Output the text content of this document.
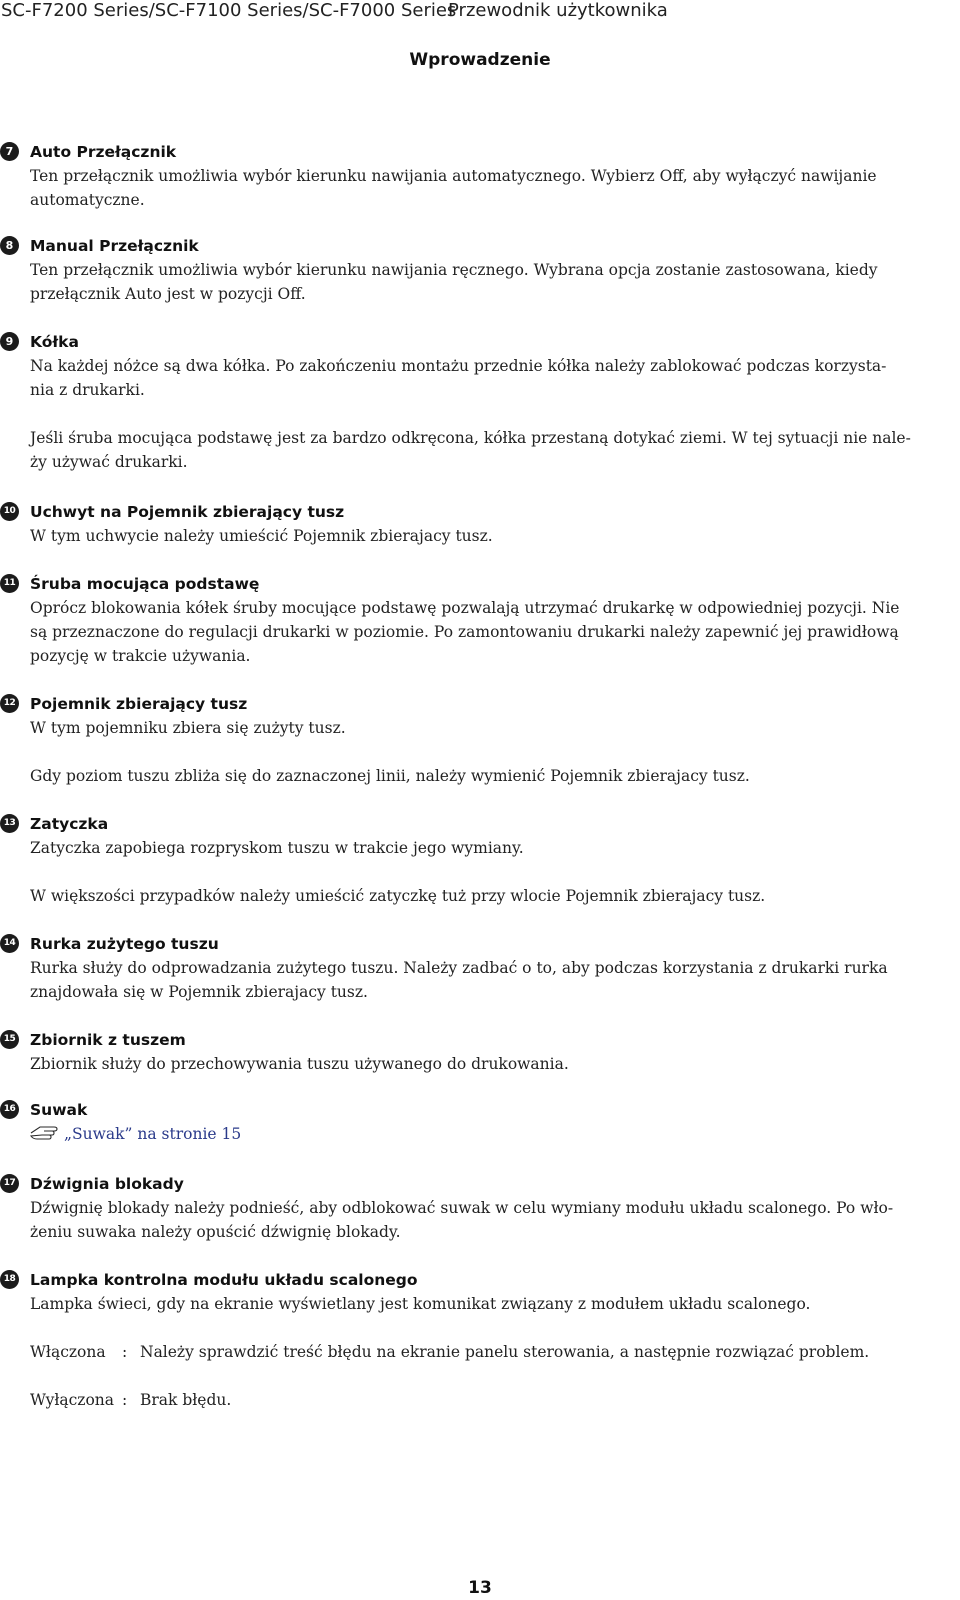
SC-F7200 Series/SC-F7100 Series/SC-F7000 Series
Przewodnik użytkownika
Wprowadzenie
7	Auto Przełącznik
Ten przełącznik umożliwia wybór kierunku nawijania automatycznego. Wybierz Off, aby wyłączyć nawijanie
automatyczne.
8	Manual Przełącznik
Ten przełącznik umożliwia wybór kierunku nawijania ręcznego. Wybrana opcja zostanie zastosowana, kiedy
przełącznik Auto jest w pozycji Off.
9	Kółka
Na każdej nóżce są dwa kółka. Po zakończeniu montażu przednie kółka należy zablokować podczas korzysta-
nia z drukarki.
Jeśli śruba mocująca podstawę jest za bardzo odkręcona, kółka przestaną dotykać ziemi. W tej sytuacji nie nale-
ży używać drukarki.
10 Uchwyt na Pojemnik zbierający tusz
W tym uchwycie należy umieścić Pojemnik zbierajacy tusz.
11 Śruba mocująca podstawę
Oprócz blokowania kółek śruby mocujące podstawę pozwalają utrzymać drukarkę w odpowiedniej pozycji. Nie
są przeznaczone do regulacji drukarki w poziomie. Po zamontowaniu drukarki należy zapewnić jej prawidłową
pozycję w trakcie używania.
12 Pojemnik zbierający tusz
W tym pojemniku zbiera się zużyty tusz.
Gdy poziom tuszu zbliża się do zaznaczonej linii, należy wymienić Pojemnik zbierajacy tusz.
13 Zatyczka
Zatyczka zapobiega rozpryskom tuszu w trakcie jego wymiany.
W większości przypadków należy umieścić zatyczkę tuż przy wlocie Pojemnik zbierajacy tusz.
14 Rurka zużytego tuszu
Rurka służy do odprowadzania zużytego tuszu. Należy zadbać o to, aby podczas korzystania z drukarki rurka
znajdowała się w Pojemnik zbierajacy tusz.
15 Zbiornik z tuszem
Zbiornik służy do przechowywania tuszu używanego do drukowania.
16 Suwak
„Suwak” na stronie 15
17 Dźwignia blokady
Dźwignię blokady należy podnieść, aby odblokować suwak w celu wymiany modułu układu scalonego. Po wło-
żeniu suwaka należy opuścić dźwignię blokady.
18 Lampka kontrolna modułu układu scalonego
Lampka świeci, gdy na ekranie wyświetlany jest komunikat związany z modułem układu scalonego.
Włączona : Należy sprawdzić treść błędu na ekranie panelu sterowania, a następnie rozwiązać problem.
Wyłączona : Brak błędu.
13
